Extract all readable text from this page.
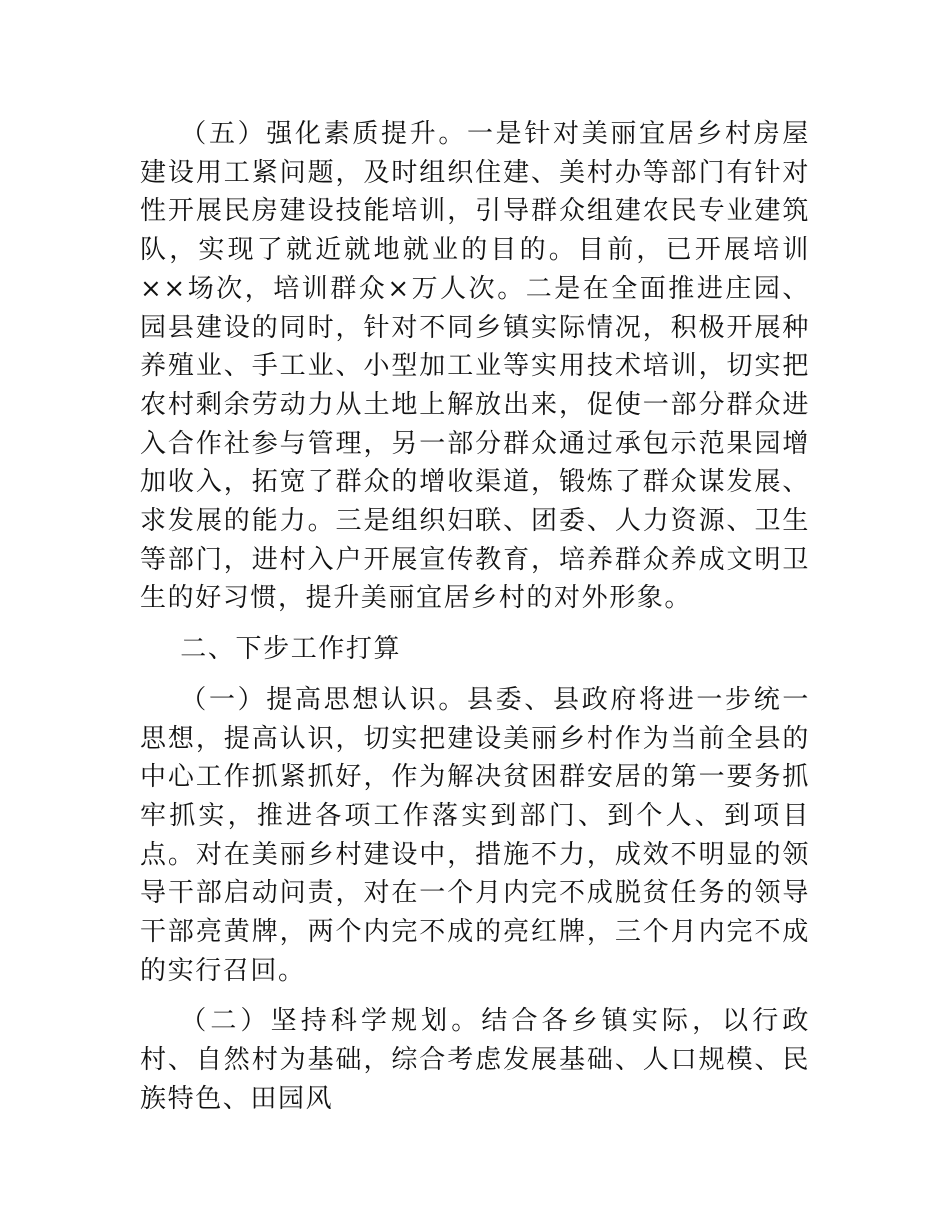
（五）强化素质提升。一是针对美丽宜居乡村房屋建设用工紧问题，及时组织住建、美村办等部门有针对性开展民房建设技能培训，引导群众组建农民专业建筑队，实现了就近就地就业的目的。目前，已开展培训××场次，培训群众×万人次。二是在全面推进庄园、园县建设的同时，针对不同乡镇实际情况，积极开展种养殖业、手工业、小型加工业等实用技术培训，切实把农村剩余劳动力从土地上解放出来，促使一部分群众进入合作社参与管理，另一部分群众通过承包示范果园增加收入，拓宽了群众的增收渠道，锻炼了群众谋发展、求发展的能力。三是组织妇联、团委、人力资源、卫生等部门，进村入户开展宣传教育，培养群众养成文明卫生的好习惯，提升美丽宜居乡村的对外形象。

二、下步工作打算

（一）提高思想认识。县委、县政府将进一步统一思想，提高认识，切实把建设美丽乡村作为当前全县的中心工作抓紧抓好，作为解决贫困群安居的第一要务抓牢抓实，推进各项工作落实到部门、到个人、到项目点。对在美丽乡村建设中，措施不力，成效不明显的领导干部启动问责，对在一个月内完不成脱贫任务的领导干部亮黄牌，两个内完不成的亮红牌，三个月内完不成的实行召回。

（二）坚持科学规划。结合各乡镇实际，以行政村、自然村为基础，综合考虑发展基础、人口规模、民族特色、田园风
